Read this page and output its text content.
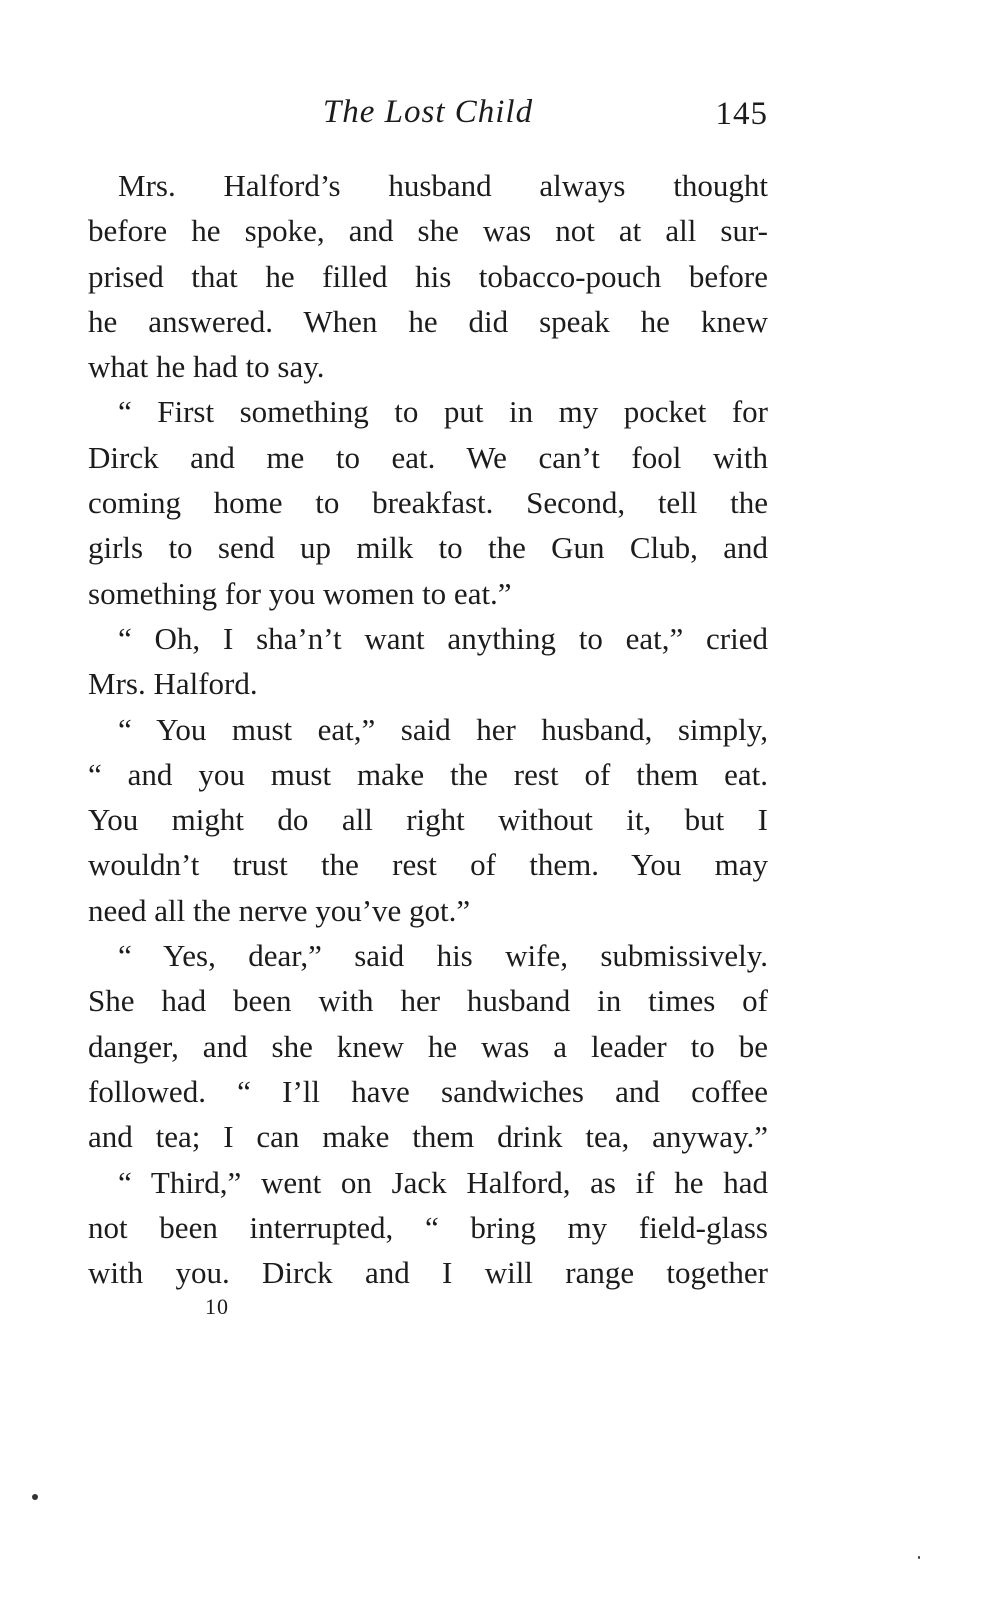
The Lost Child	145
Mrs. Halford’s husband always thought
before he spoke, and she was not at all sur-
prised that he filled his tobacco-pouch before
he answered. When he did speak he knew
what he had to say.
“ First something to put in my pocket for
Dirck and me to eat. We can’t fool with
coming home to breakfast. Second, tell the
girls to send up milk to the Gun Club, and
something for you women to eat.”
“ Oh, I sha’n’t want anything to eat,” cried
Mrs. Halford.
“ You must eat,” said her husband, simply,
“ and you must make the rest of them eat.
You might do all right without it, but I
wouldn’t trust the rest of them. You may
need all the nerve you’ve got.”
“ Yes, dear,” said his wife, submissively.
She had been with her husband in times of
danger, and she knew he was a leader to be
followed. “ I’ll have sandwiches and coffee
and tea; I can make them drink tea, anyway.”
“ Third,” went on Jack Halford, as if he had
not been interrupted, “ bring my field-glass
with you. Dirck and I will range together
10
